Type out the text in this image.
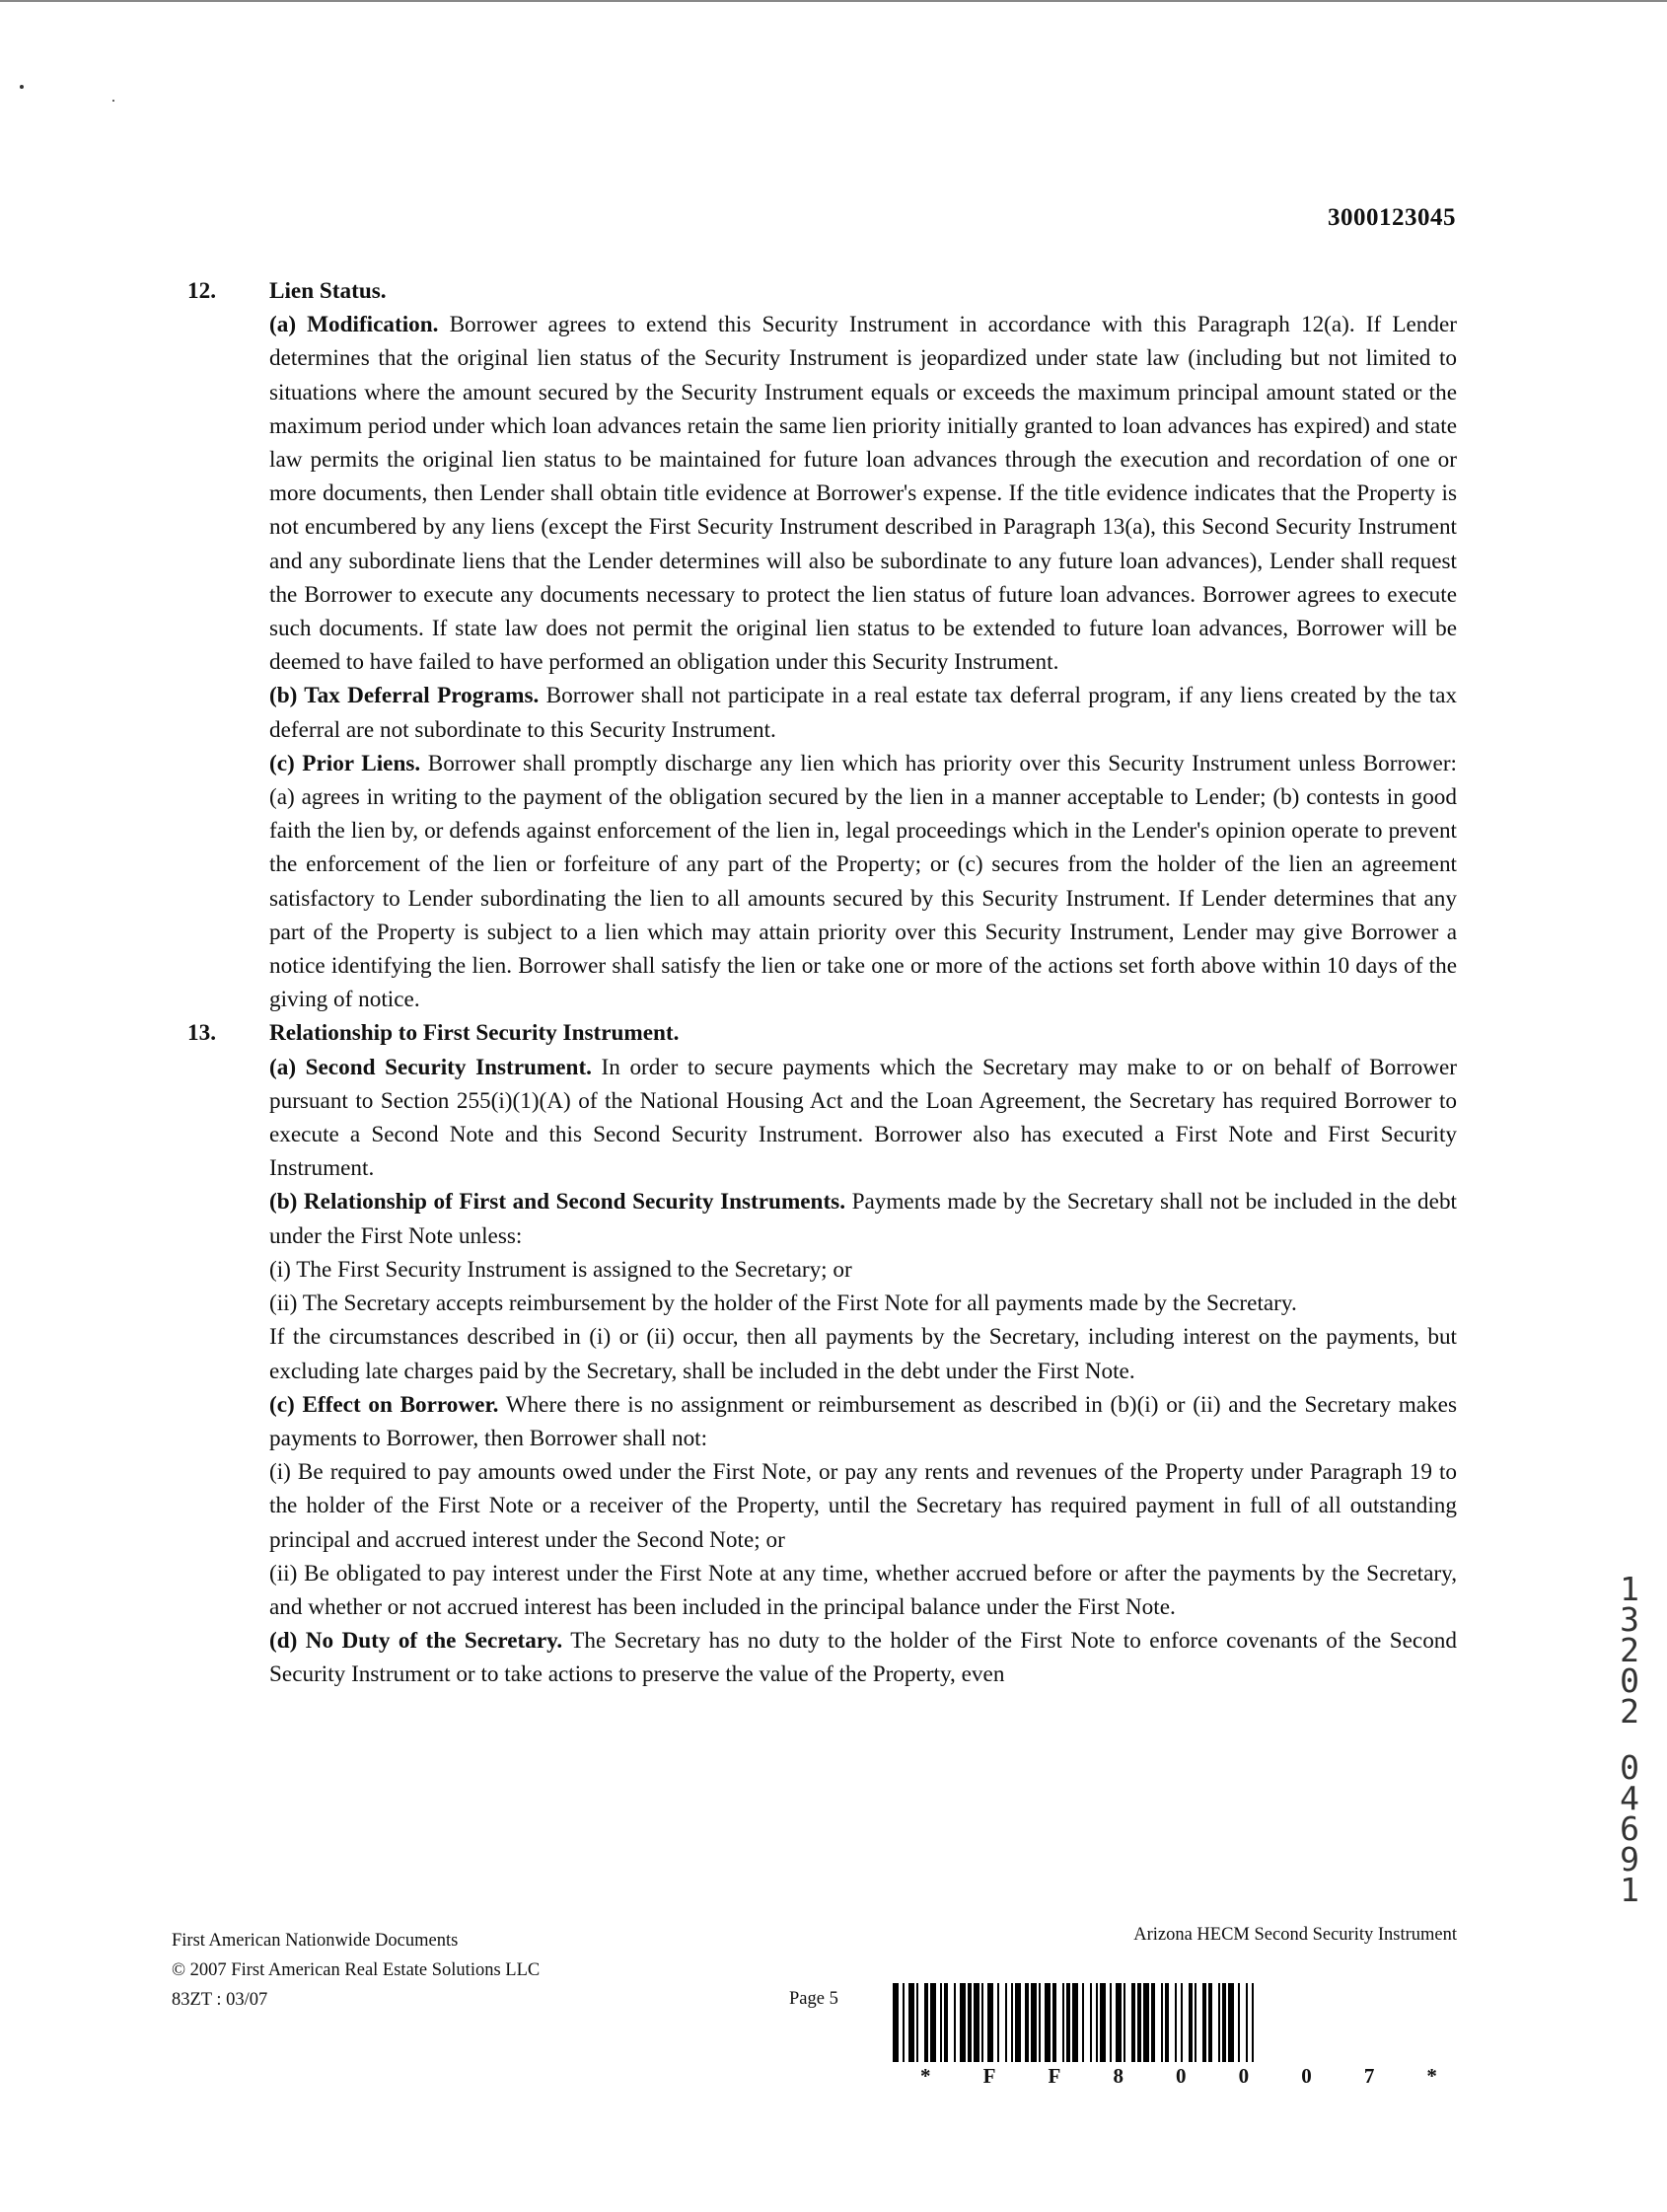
3000123045
12.	Lien Status.

(a) Modification. Borrower agrees to extend this Security Instrument in accordance with this Paragraph 12(a). If Lender determines that the original lien status of the Security Instrument is jeopardized under state law (including but not limited to situations where the amount secured by the Security Instrument equals or exceeds the maximum principal amount stated or the maximum period under which loan advances retain the same lien priority initially granted to loan advances has expired) and state law permits the original lien status to be maintained for future loan advances through the execution and recordation of one or more documents, then Lender shall obtain title evidence at Borrower's expense. If the title evidence indicates that the Property is not encumbered by any liens (except the First Security Instrument described in Paragraph 13(a), this Second Security Instrument and any subordinate liens that the Lender determines will also be subordinate to any future loan advances), Lender shall request the Borrower to execute any documents necessary to protect the lien status of future loan advances. Borrower agrees to execute such documents. If state law does not permit the original lien status to be extended to future loan advances, Borrower will be deemed to have failed to have performed an obligation under this Security Instrument.

(b) Tax Deferral Programs. Borrower shall not participate in a real estate tax deferral program, if any liens created by the tax deferral are not subordinate to this Security Instrument.

(c) Prior Liens. Borrower shall promptly discharge any lien which has priority over this Security Instrument unless Borrower: (a) agrees in writing to the payment of the obligation secured by the lien in a manner acceptable to Lender; (b) contests in good faith the lien by, or defends against enforcement of the lien in, legal proceedings which in the Lender's opinion operate to prevent the enforcement of the lien or forfeiture of any part of the Property; or (c) secures from the holder of the lien an agreement satisfactory to Lender subordinating the lien to all amounts secured by this Security Instrument. If Lender determines that any part of the Property is subject to a lien which may attain priority over this Security Instrument, Lender may give Borrower a notice identifying the lien. Borrower shall satisfy the lien or take one or more of the actions set forth above within 10 days of the giving of notice.

13.	Relationship to First Security Instrument.

(a) Second Security Instrument. In order to secure payments which the Secretary may make to or on behalf of Borrower pursuant to Section 255(i)(1)(A) of the National Housing Act and the Loan Agreement, the Secretary has required Borrower to execute a Second Note and this Second Security Instrument. Borrower also has executed a First Note and First Security Instrument.

(b) Relationship of First and Second Security Instruments. Payments made by the Secretary shall not be included in the debt under the First Note unless:

(i) The First Security Instrument is assigned to the Secretary; or

(ii) The Secretary accepts reimbursement by the holder of the First Note for all payments made by the Secretary.

If the circumstances described in (i) or (ii) occur, then all payments by the Secretary, including interest on the payments, but excluding late charges paid by the Secretary, shall be included in the debt under the First Note.

(c) Effect on Borrower. Where there is no assignment or reimbursement as described in (b)(i) or (ii) and the Secretary makes payments to Borrower, then Borrower shall not:

(i) Be required to pay amounts owed under the First Note, or pay any rents and revenues of the Property under Paragraph 19 to the holder of the First Note or a receiver of the Property, until the Secretary has required payment in full of all outstanding principal and accrued interest under the Second Note; or

(ii) Be obligated to pay interest under the First Note at any time, whether accrued before or after the payments by the Secretary, and whether or not accrued interest has been included in the principal balance under the First Note.

(d) No Duty of the Secretary. The Secretary has no duty to the holder of the First Note to enforce covenants of the Second Security Instrument or to take actions to preserve the value of the Property, even

First American Nationwide Documents
© 2007 First American Real Estate Solutions LLC
83ZT : 03/07	Page 5
Arizona HECM Second Security Instrument
*	F	F	8	0	0	0	7	*
1
3
2
0
2
0
4
6
9
1
